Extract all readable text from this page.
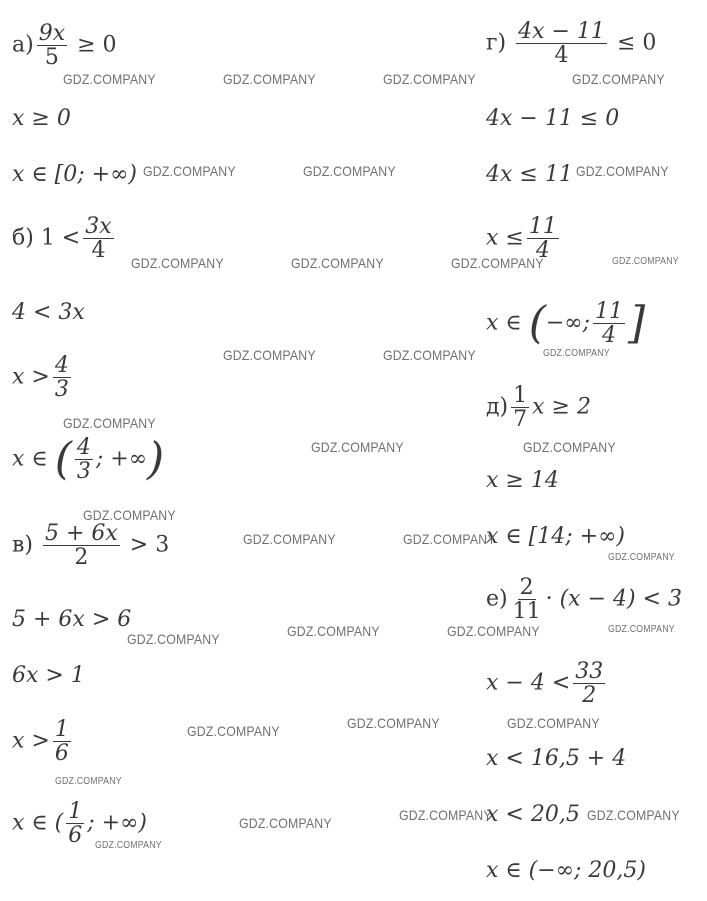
$а) \frac{9x}{5} \ge 0$
x ≥ 0
x ∈ [0; +∞)
б) $1 < \frac{3x}{4}$
4 < 3x
$x > \frac{4}{3}$
x ∈ ( $\frac{4}{3}$ ; +∞)
$в) \frac{5 + 6x}{2} > 3$
5 + 6x > 6
6x > 1
$x > \frac{1}{6}$
x ∈ ( $\frac{1}{6}$ ; +∞)
$г) \frac{4x - 11}{4} \le 0$
4x − 11 ≤ 0
4x ≤ 11
$x \le \frac{11}{4}$
x ∈ (−∞; $\frac{11}{4}$ ]
$д) \frac{1}{7}$ x ≥ 2
x ≥ 14
x ∈ [14; +∞)
$е) \frac{2}{11} \cdot (x - 4) < 3$
$x - 4 < \frac{33}{2}$
x < 16,5 + 4
x < 20,5
x ∈ (−∞; 20,5)
GDZ.COMPANY	GDZ.COMPANY	GDZ.COMPANY	GDZ.COMPANY
GDZ.COMPANY	GDZ.COMPANY	GDZ.COMPANY
GDZ.COMPANY	GDZ.COMPANY	GDZ.COMPANY	GDZ.COMPANY
GDZ.COMPANY	GDZ.COMPANY	GDZ.COMPANY
GDZ.COMPANY
GDZ.COMPANY	GDZ.COMPANY
GDZ.COMPANY
GDZ.COMPANY	GDZ.COMPANY
GDZ.COMPANY
GDZ.COMPANY
GDZ.COMPANY	GDZ.COMPANY	GDZ.COMPANY
GDZ.COMPANY	GDZ.COMPANY
GDZ.COMPANY
GDZ.COMPANY
GDZ.COMPANY	GDZ.COMPANY
GDZ.COMPANY
GDZ.COMPANY
